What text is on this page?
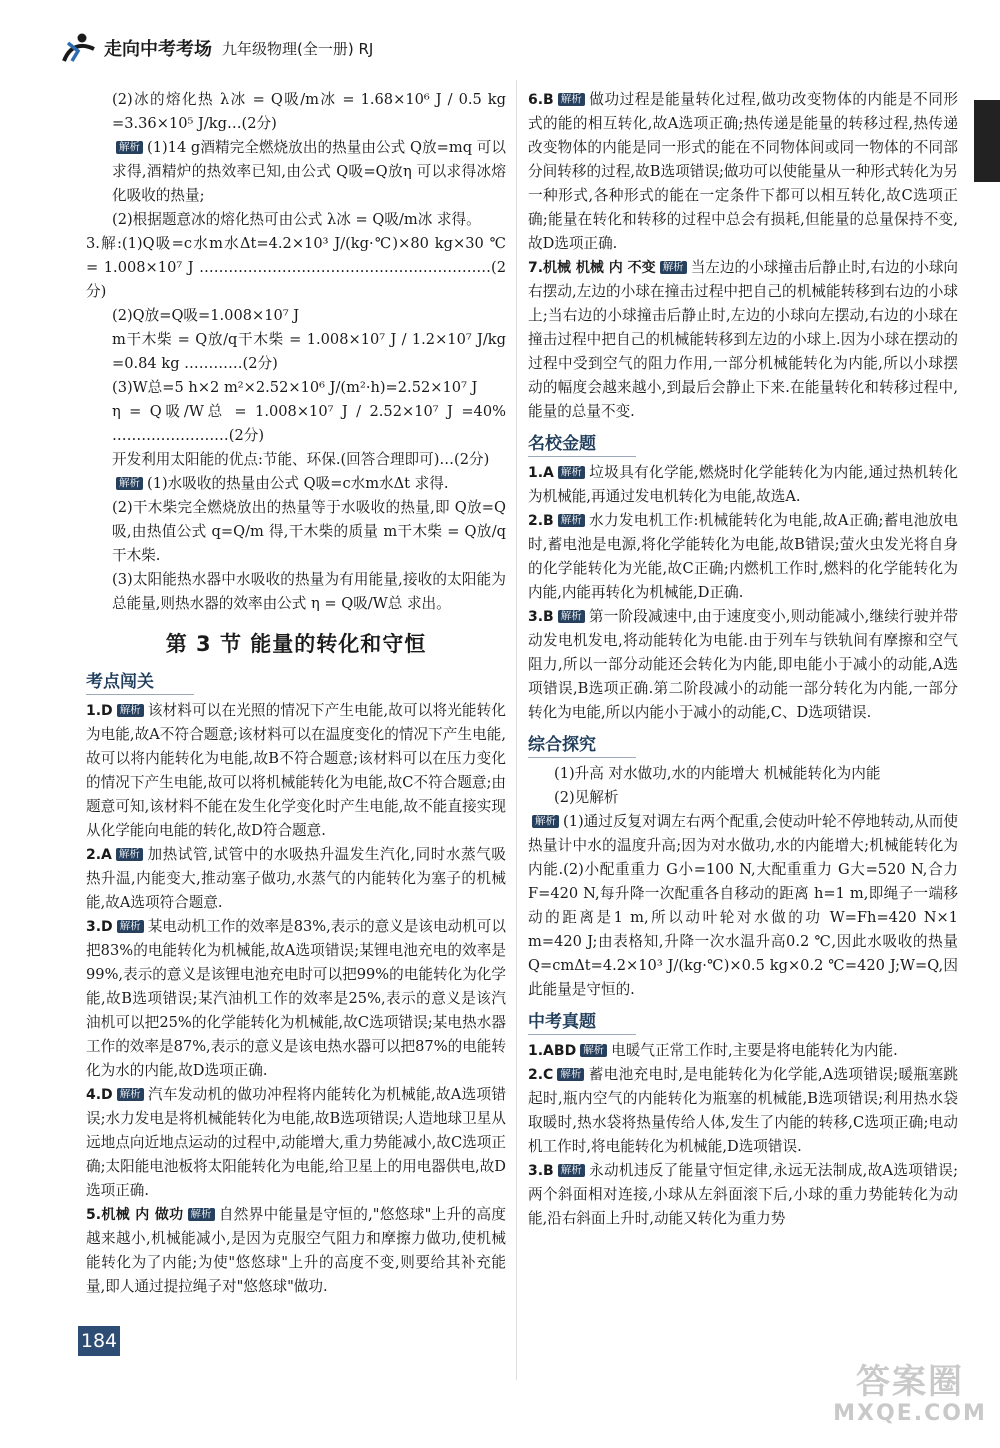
走向中考考场 九年级物理(全一册) RJ

(2)冰的熔化热 λ冰 = Q吸/m冰 = 1.68×10⁶ J / 0.5 kg =3.36×10⁵ J/kg…(2分)

解析 (1)14 g酒精完全燃烧放出的热量由公式 Q放=mq 可以求得,酒精炉的热效率已知,由公式 Q吸=Q放η 可以求得冰熔化吸收的热量;

(2)根据题意冰的熔化热可由公式 λ冰 = Q吸/m冰 求得。

3.解:(1)Q吸=c水m水Δt=4.2×10³ J/(kg·℃)×80 kg×30 ℃ = 1.008×10⁷ J ……………………………………………………(2分)

(2)Q放=Q吸=1.008×10⁷ J

m干木柴 = Q放/q干木柴 = 1.008×10⁷ J / 1.2×10⁷ J/kg =0.84 kg …………(2分)

(3)W总=5 h×2 m²×2.52×10⁶ J/(m²·h)=2.52×10⁷ J

η = Q吸/W总 = 1.008×10⁷ J / 2.52×10⁷ J =40% ……………………(2分)

开发利用太阳能的优点:节能、环保.(回答合理即可)…(2分)

解析 (1)水吸收的热量由公式 Q吸=c水m水Δt 求得.

(2)干木柴完全燃烧放出的热量等于水吸收的热量,即 Q放=Q吸,由热值公式 q=Q/m 得,干木柴的质量 m干木柴 = Q放/q干木柴.

(3)太阳能热水器中水吸收的热量为有用能量,接收的太阳能为总能量,则热水器的效率由公式 η = Q吸/W总 求出。

第 3 节 能量的转化和守恒
考点闯关

1.D 解析 该材料可以在光照的情况下产生电能,故可以将光能转化为电能,故A不符合题意;该材料可以在温度变化的情况下产生电能,故可以将内能转化为电能,故B不符合题意;该材料可以在压力变化的情况下产生电能,故可以将机械能转化为电能,故C不符合题意;由题意可知,该材料不能在发生化学变化时产生电能,故不能直接实现从化学能向电能的转化,故D符合题意.

2.A 解析 加热试管,试管中的水吸热升温发生汽化,同时水蒸气吸热升温,内能变大,推动塞子做功,水蒸气的内能转化为塞子的机械能,故A选项符合题意.

3.D 解析 某电动机工作的效率是83%,表示的意义是该电动机可以把83%的电能转化为机械能,故A选项错误;某锂电池充电的效率是99%,表示的意义是该锂电池充电时可以把99%的电能转化为化学能,故B选项错误;某汽油机工作的效率是25%,表示的意义是该汽油机可以把25%的化学能转化为机械能,故C选项错误;某电热水器工作的效率是87%,表示的意义是该电热水器可以把87%的电能转化为水的内能,故D选项正确.

4.D 解析 汽车发动机的做功冲程将内能转化为机械能,故A选项错误;水力发电是将机械能转化为电能,故B选项错误;人造地球卫星从远地点向近地点运动的过程中,动能增大,重力势能减小,故C选项正确;太阳能电池板将太阳能转化为电能,给卫星上的用电器供电,故D选项正确.

5.机械 内 做功 解析 自然界中能量是守恒的,"悠悠球"上升的高度越来越小,机械能减小,是因为克服空气阻力和摩擦力做功,使机械能转化为了内能;为使"悠悠球"上升的高度不变,则要给其补充能量,即人通过提拉绳子对"悠悠球"做功.

6.B 解析 做功过程是能量转化过程,做功改变物体的内能是不同形式的能的相互转化,故A选项正确;热传递是能量的转移过程,热传递改变物体的内能是同一形式的能在不同物体间或同一物体的不同部分间转移的过程,故B选项错误;做功可以使能量从一种形式转化为另一种形式,各种形式的能在一定条件下都可以相互转化,故C选项正确;能量在转化和转移的过程中总会有损耗,但能量的总量保持不变,故D选项正确.

7.机械 机械 内 不变 解析 当左边的小球撞击后静止时,右边的小球向右摆动,左边的小球在撞击过程中把自己的机械能转移到右边的小球上;当右边的小球撞击后静止时,左边的小球向左摆动,右边的小球在撞击过程中把自己的机械能转移到左边的小球上.因为小球在摆动的过程中受到空气的阻力作用,一部分机械能转化为内能,所以小球摆动的幅度会越来越小,到最后会静止下来.在能量转化和转移过程中,能量的总量不变.

名校金题

1.A 解析 垃圾具有化学能,燃烧时化学能转化为内能,通过热机转化为机械能,再通过发电机转化为电能,故选A.

2.B 解析 水力发电机工作:机械能转化为电能,故A正确;蓄电池放电时,蓄电池是电源,将化学能转化为电能,故B错误;萤火虫发光将自身的化学能转化为光能,故C正确;内燃机工作时,燃料的化学能转化为内能,内能再转化为机械能,D正确.

3.B 解析 第一阶段减速中,由于速度变小,则动能减小,继续行驶并带动发电机发电,将动能转化为电能.由于列车与铁轨间有摩擦和空气阻力,所以一部分动能还会转化为内能,即电能小于减小的动能,A选项错误,B选项正确.第二阶段减小的动能一部分转化为内能,一部分转化为电能,所以内能小于减小的动能,C、D选项错误.

综合探究

(1)升高 对水做功,水的内能增大 机械能转化为内能

(2)见解析

解析 (1)通过反复对调左右两个配重,会使动叶轮不停地转动,从而使热量计中水的温度升高;因为对水做功,水的内能增大;机械能转化为内能.(2)小配重重力 G小=100 N,大配重重力 G大=520 N,合力 F=420 N,每升降一次配重各自移动的距离 h=1 m,即绳子一端移动的距离是1 m,所以动叶轮对水做的功 W=Fh=420 N×1 m=420 J;由表格知,升降一次水温升高0.2 ℃,因此水吸收的热量 Q=cmΔt=4.2×10³ J/(kg·℃)×0.5 kg×0.2 ℃=420 J;W=Q,因此能量是守恒的.

中考真题

1.ABD 解析 电暖气正常工作时,主要是将电能转化为内能.

2.C 解析 蓄电池充电时,是电能转化为化学能,A选项错误;暖瓶塞跳起时,瓶内空气的内能转化为瓶塞的机械能,B选项错误;利用热水袋取暖时,热水袋将热量传给人体,发生了内能的转移,C选项正确;电动机工作时,将电能转化为机械能,D选项错误.

3.B 解析 永动机违反了能量守恒定律,永远无法制成,故A选项错误;两个斜面相对连接,小球从左斜面滚下后,小球的重力势能转化为动能,沿右斜面上升时,动能又转化为重力势

184
答案圈
MXQE.COM
